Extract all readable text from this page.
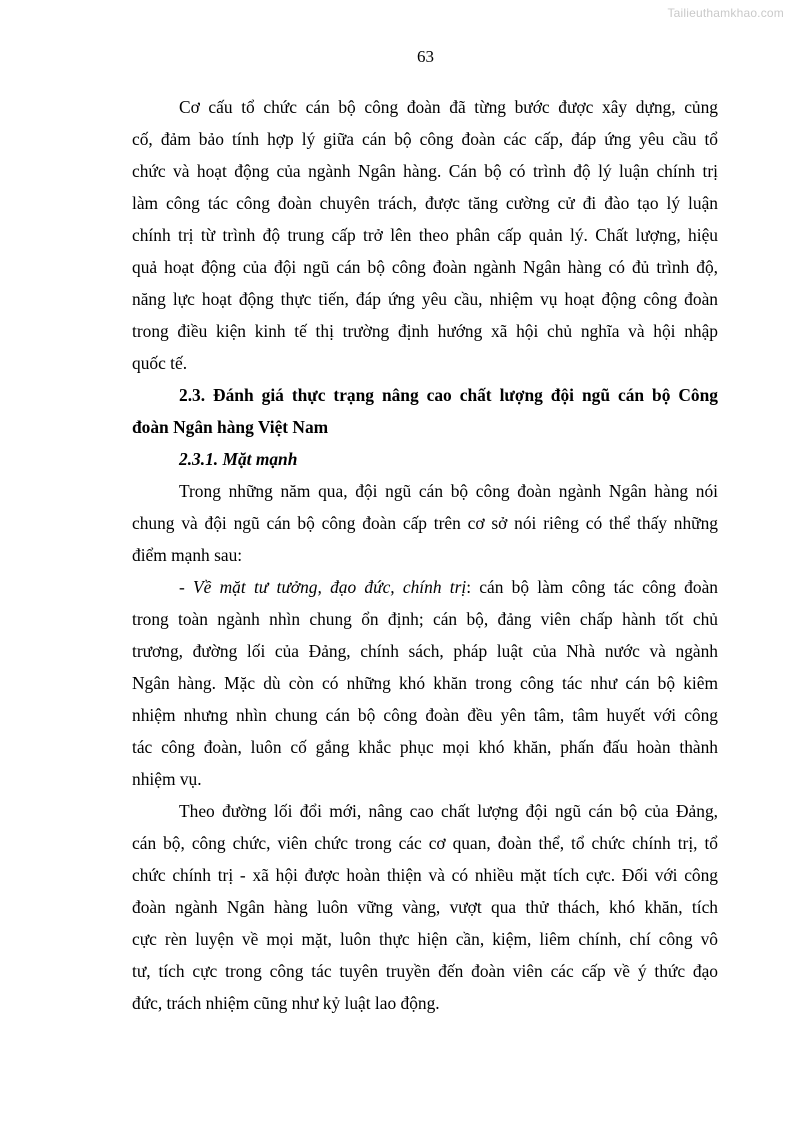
Tailieuthamkhao.com
63
Cơ cấu tổ chức cán bộ công đoàn đã từng bước được xây dựng, củng
cố, đảm bảo tính hợp lý giữa cán bộ công đoàn các cấp, đáp ứng yêu cầu tổ
chức và hoạt động của ngành Ngân hàng. Cán bộ có trình độ lý luận chính trị
làm công tác công đoàn chuyên trách, được tăng cường cử đi đào tạo lý luận
chính trị từ trình độ trung cấp trở lên theo phân cấp quản lý. Chất lượng, hiệu
quả hoạt động của đội ngũ cán bộ công đoàn ngành Ngân hàng có đủ trình độ,
năng lực hoạt động thực tiến, đáp ứng yêu cầu, nhiệm vụ hoạt động công đoàn
trong điều kiện kinh tế thị trường định hướng xã hội chủ nghĩa và hội nhập
quốc tế.
2.3. Đánh giá thực trạng nâng cao chất lượng đội ngũ cán bộ Công
đoàn Ngân hàng Việt Nam
2.3.1. Mặt mạnh
Trong những năm qua, đội ngũ cán bộ công đoàn ngành Ngân hàng nói
chung và đội ngũ cán bộ công đoàn cấp trên cơ sở nói riêng có thể thấy những
điểm mạnh sau:
- Về mặt tư tưởng, đạo đức, chính trị: cán bộ làm công tác công đoàn
trong toàn ngành nhìn chung ổn định; cán bộ, đảng viên chấp hành tốt chủ
trương, đường lối của Đảng, chính sách, pháp luật của Nhà nước và ngành
Ngân hàng. Mặc dù còn có những khó khăn trong công tác như cán bộ kiêm
nhiệm nhưng nhìn chung cán bộ công đoàn đều yên tâm, tâm huyết với công
tác công đoàn, luôn cố gắng khắc phục mọi khó khăn, phấn đấu hoàn thành
nhiệm vụ.
Theo đường lối đổi mới, nâng cao chất lượng đội ngũ cán bộ của Đảng,
cán bộ, công chức, viên chức trong các cơ quan, đoàn thể, tổ chức chính trị, tổ
chức chính trị - xã hội được hoàn thiện và có nhiều mặt tích cực. Đối với công
đoàn ngành Ngân hàng luôn vững vàng, vượt qua thử thách, khó khăn, tích
cực rèn luyện về mọi mặt, luôn thực hiện cần, kiệm, liêm chính, chí công vô
tư, tích cực trong công tác tuyên truyền đến đoàn viên các cấp về ý thức đạo
đức, trách nhiệm cũng như kỷ luật lao động.
